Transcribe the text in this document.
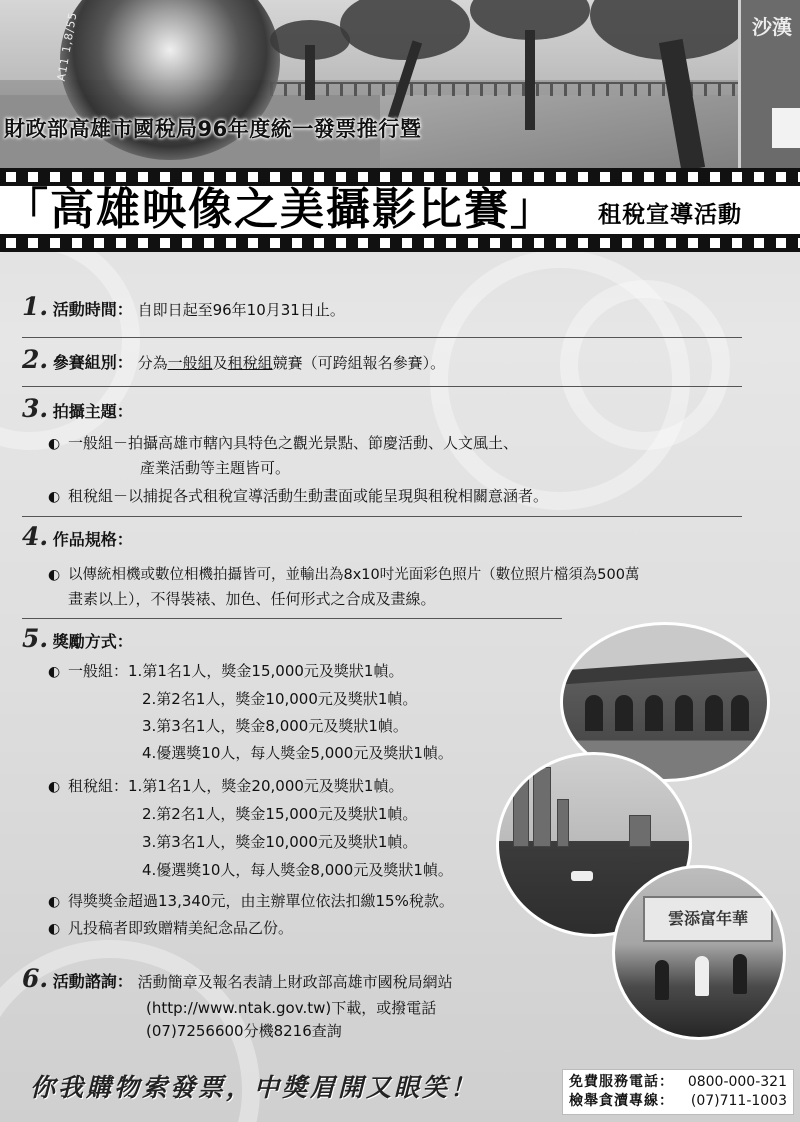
A11 1,8/55	沙漢
財政部高雄市國稅局96年度統一發票推行暨
「高雄映像之美攝影比賽」 租稅宣導活動
1. 活動時間： 自即日起至96年10月31日止。
2. 參賽組別： 分為一般組及租稅組競賽（可跨組報名參賽）。
3. 拍攝主題：
◐ 一般組－拍攝高雄市轄內具特色之觀光景點、節慶活動、人文風土、
產業活動等主題皆可。
◐ 租稅組－以捕捉各式租稅宣導活動生動畫面或能呈現與租稅相關意涵者。
4. 作品規格：
◐ 以傳統相機或數位相機拍攝皆可，並輸出為8x10吋光面彩色照片（數位照片檔須為500萬
畫素以上），不得裝裱、加色、任何形式之合成及畫線。
5. 獎勵方式：
◐ 一般組：1.第1名1人，獎金15,000元及獎狀1幀。
2.第2名1人，獎金10,000元及獎狀1幀。
3.第3名1人，獎金8,000元及獎狀1幀。
4.優選獎10人，每人獎金5,000元及獎狀1幀。
◐ 租稅組：1.第1名1人，獎金20,000元及獎狀1幀。
2.第2名1人，獎金15,000元及獎狀1幀。
3.第3名1人，獎金10,000元及獎狀1幀。
4.優選獎10人，每人獎金8,000元及獎狀1幀。
◐ 得獎獎金超過13,340元，由主辦單位依法扣繳15%稅款。
◐ 凡投稿者即致贈精美紀念品乙份。
6. 活動諮詢： 活動簡章及報名表請上財政部高雄市國稅局網站
(http://www.ntak.gov.tw)下載，或撥電話
(07)7256600分機8216查詢
雲添富年華
你我購物索發票，中獎眉開又眼笑！	免費服務電話： 0800-000-321
檢舉貪瀆專線： (07)711-1003
